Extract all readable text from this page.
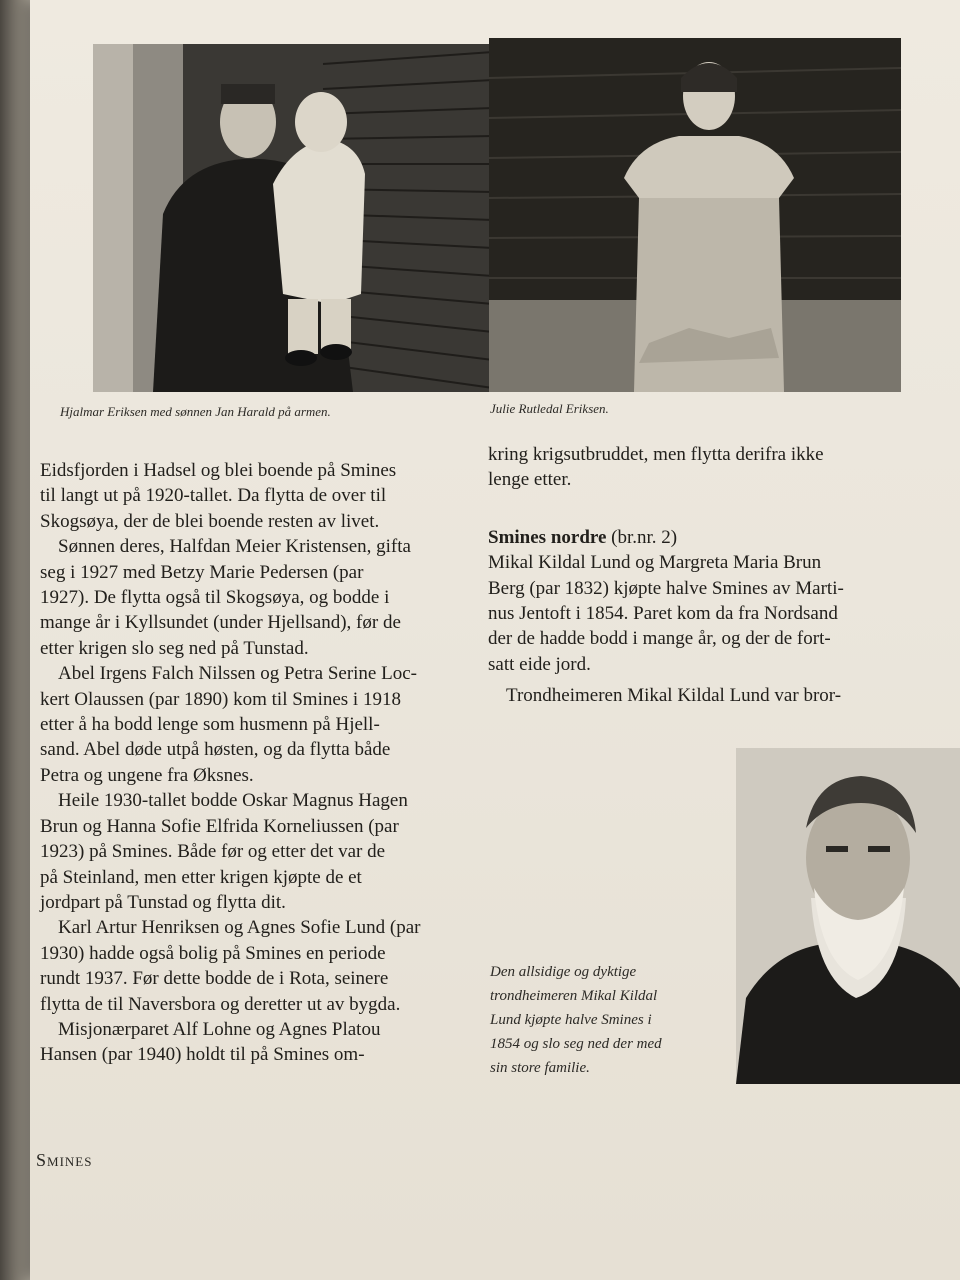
Hjalmar Eriksen med sønnen Jan Harald på armen.	Julie Rutledal Eriksen.

Eidsfjorden i Hadsel og blei boende på Smines

til langt ut på 1920-tallet. Da flytta de over til

Skogsøya, der de blei boende resten av livet.

Sønnen deres, Halfdan Meier Kristensen, gifta

seg i 1927 med Betzy Marie Pedersen (par

1927). De flytta også til Skogsøya, og bodde i

mange år i Kyllsundet (under Hjellsand), før de

etter krigen slo seg ned på Tunstad.

Abel Irgens Falch Nilssen og Petra Serine Loc-

kert Olaussen (par 1890) kom til Smines i 1918

etter å ha bodd lenge som husmenn på Hjell-

sand. Abel døde utpå høsten, og da flytta både

Petra og ungene fra Øksnes.

Heile 1930-tallet bodde Oskar Magnus Hagen

Brun og Hanna Sofie Elfrida Korneliussen (par

1923) på Smines. Både før og etter det var de

på Steinland, men etter krigen kjøpte de et

jordpart på Tunstad og flytta dit.

Karl Artur Henriksen og Agnes Sofie Lund (par

1930) hadde også bolig på Smines en periode

rundt 1937. Før dette bodde de i Rota, seinere

flytta de til Naversbora og deretter ut av bygda.

Misjonærparet Alf Lohne og Agnes Platou

Hansen (par 1940) holdt til på Smines om-

kring krigsutbruddet, men flytta derifra ikke

lenge etter.

Smines nordre (br.nr. 2)

Mikal Kildal Lund og Margreta Maria Brun

Berg (par 1832) kjøpte halve Smines av Marti-

nus Jentoft i 1854. Paret kom da fra Nordsand

der de hadde bodd i mange år, og der de fort-

satt eide jord.

Trondheimeren Mikal Kildal Lund var bror-

Den allsidige og dyktige
trondheimeren Mikal Kildal
Lund kjøpte halve Smines i
1854 og slo seg ned der med
sin store familie.
Smines
